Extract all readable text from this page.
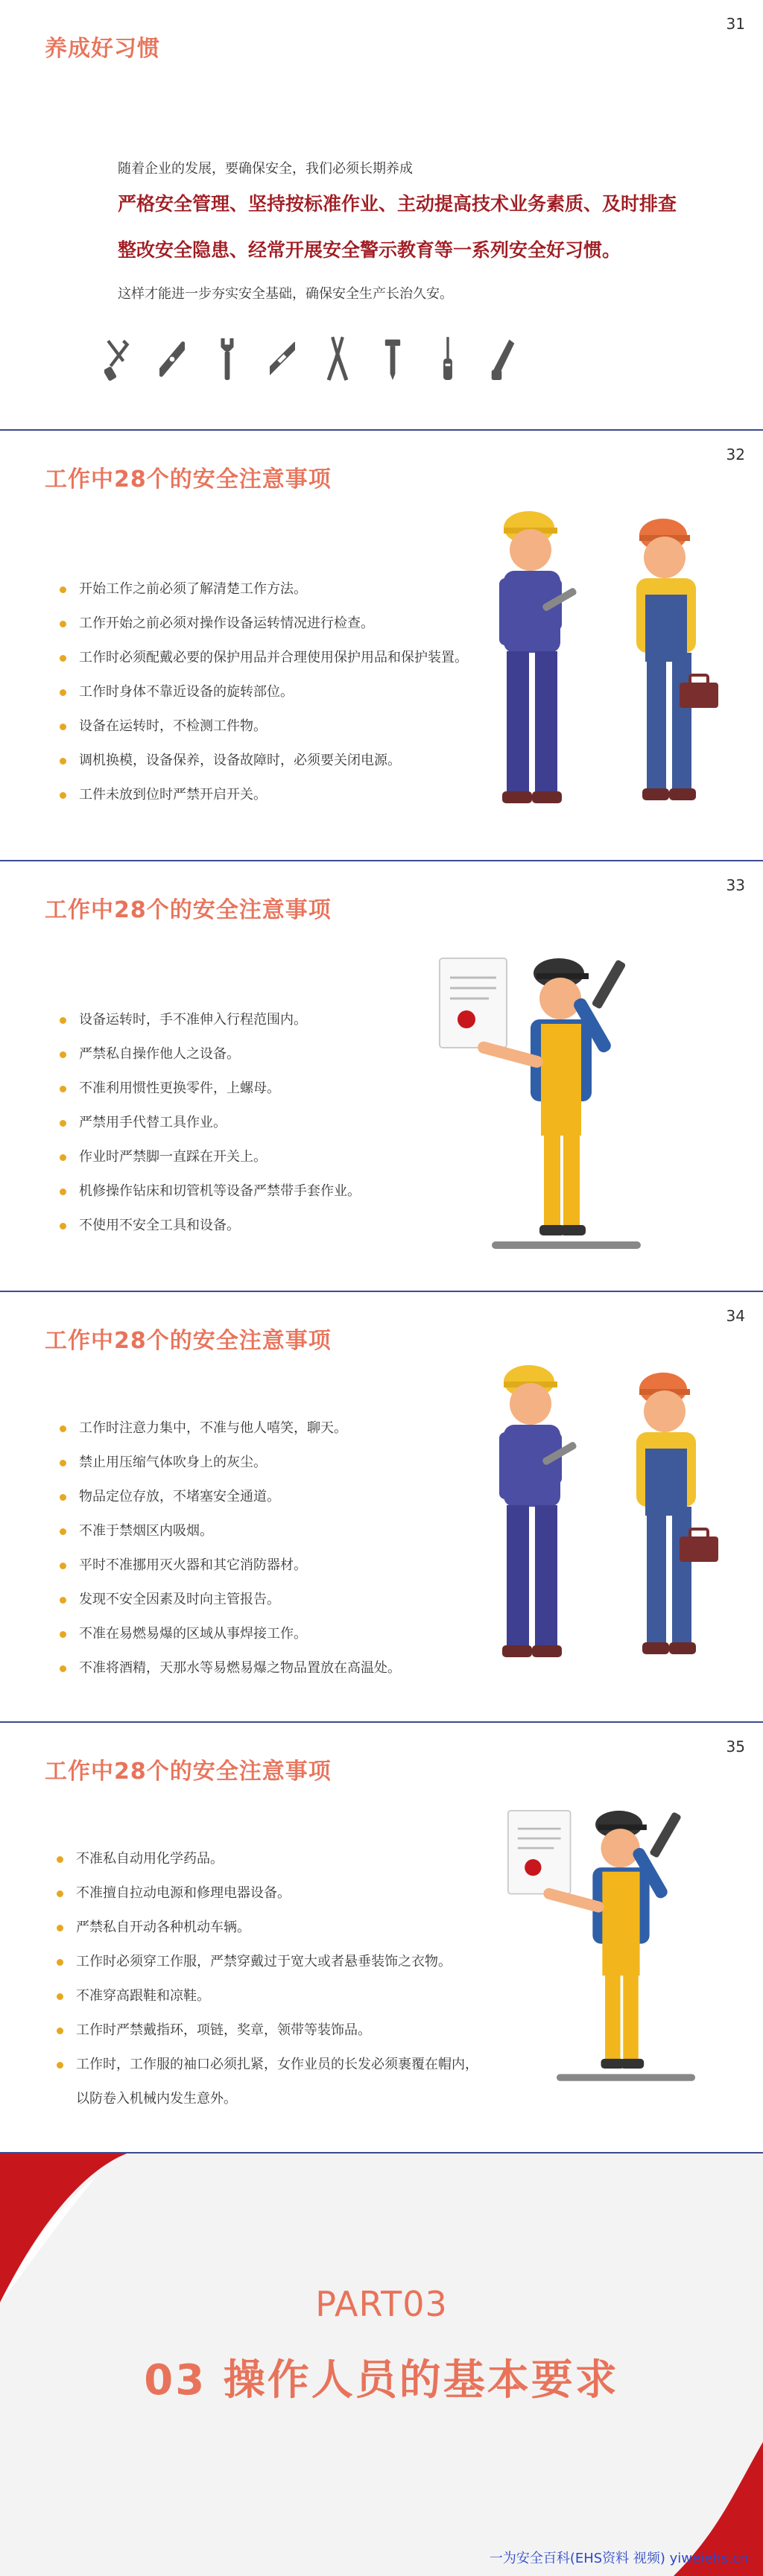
养成好习惯
31
随着企业的发展，要确保安全，我们必须长期养成
严格安全管理、坚持按标准作业、主动提高技术业务素质、及时排查
整改安全隐患、经常开展安全警示教育等一系列安全好习惯。
这样才能进一步夯实安全基础，确保安全生产长治久安。
工作中28个的安全注意事项
32
开始工作之前必须了解清楚工作方法。
工作开始之前必须对操作设备运转情况进行检查。
工作时必须配戴必要的保护用品并合理使用保护用品和保护装置。
工作时身体不靠近设备的旋转部位。
设备在运转时，不检测工件物。
调机换模，设备保养，设备故障时，必须要关闭电源。
工件未放到位时严禁开启开关。
工作中28个的安全注意事项
33
设备运转时，手不准伸入行程范围内。
严禁私自操作他人之设备。
不准利用惯性更换零件，上螺母。
严禁用手代替工具作业。
作业时严禁脚一直踩在开关上。
机修操作钻床和切管机等设备严禁带手套作业。
不使用不安全工具和设备。
工作中28个的安全注意事项
34
工作时注意力集中，不准与他人嘻笑，聊天。
禁止用压缩气体吹身上的灰尘。
物品定位存放，不堵塞安全通道。
不准于禁烟区内吸烟。
平时不准挪用灭火器和其它消防器材。
发现不安全因素及时向主管报告。
不准在易燃易爆的区域从事焊接工作。
不准将酒精，天那水等易燃易爆之物品置放在高温处。
工作中28个的安全注意事项
35
不准私自动用化学药品。
不准擅自拉动电源和修理电器设备。
严禁私自开动各种机动车辆。
工作时必须穿工作服，严禁穿戴过于宽大或者悬垂装饰之衣物。
不准穿高跟鞋和凉鞋。
工作时严禁戴指环，项链，奖章，领带等装饰品。
工作时，工作服的袖口必须扎紧，女作业员的长发必须裹覆在帽内，
以防卷入机械内发生意外。
PART03
03 操作人员的基本要求
一为安全百科(EHS资料 视频) yiweiehs.cn
